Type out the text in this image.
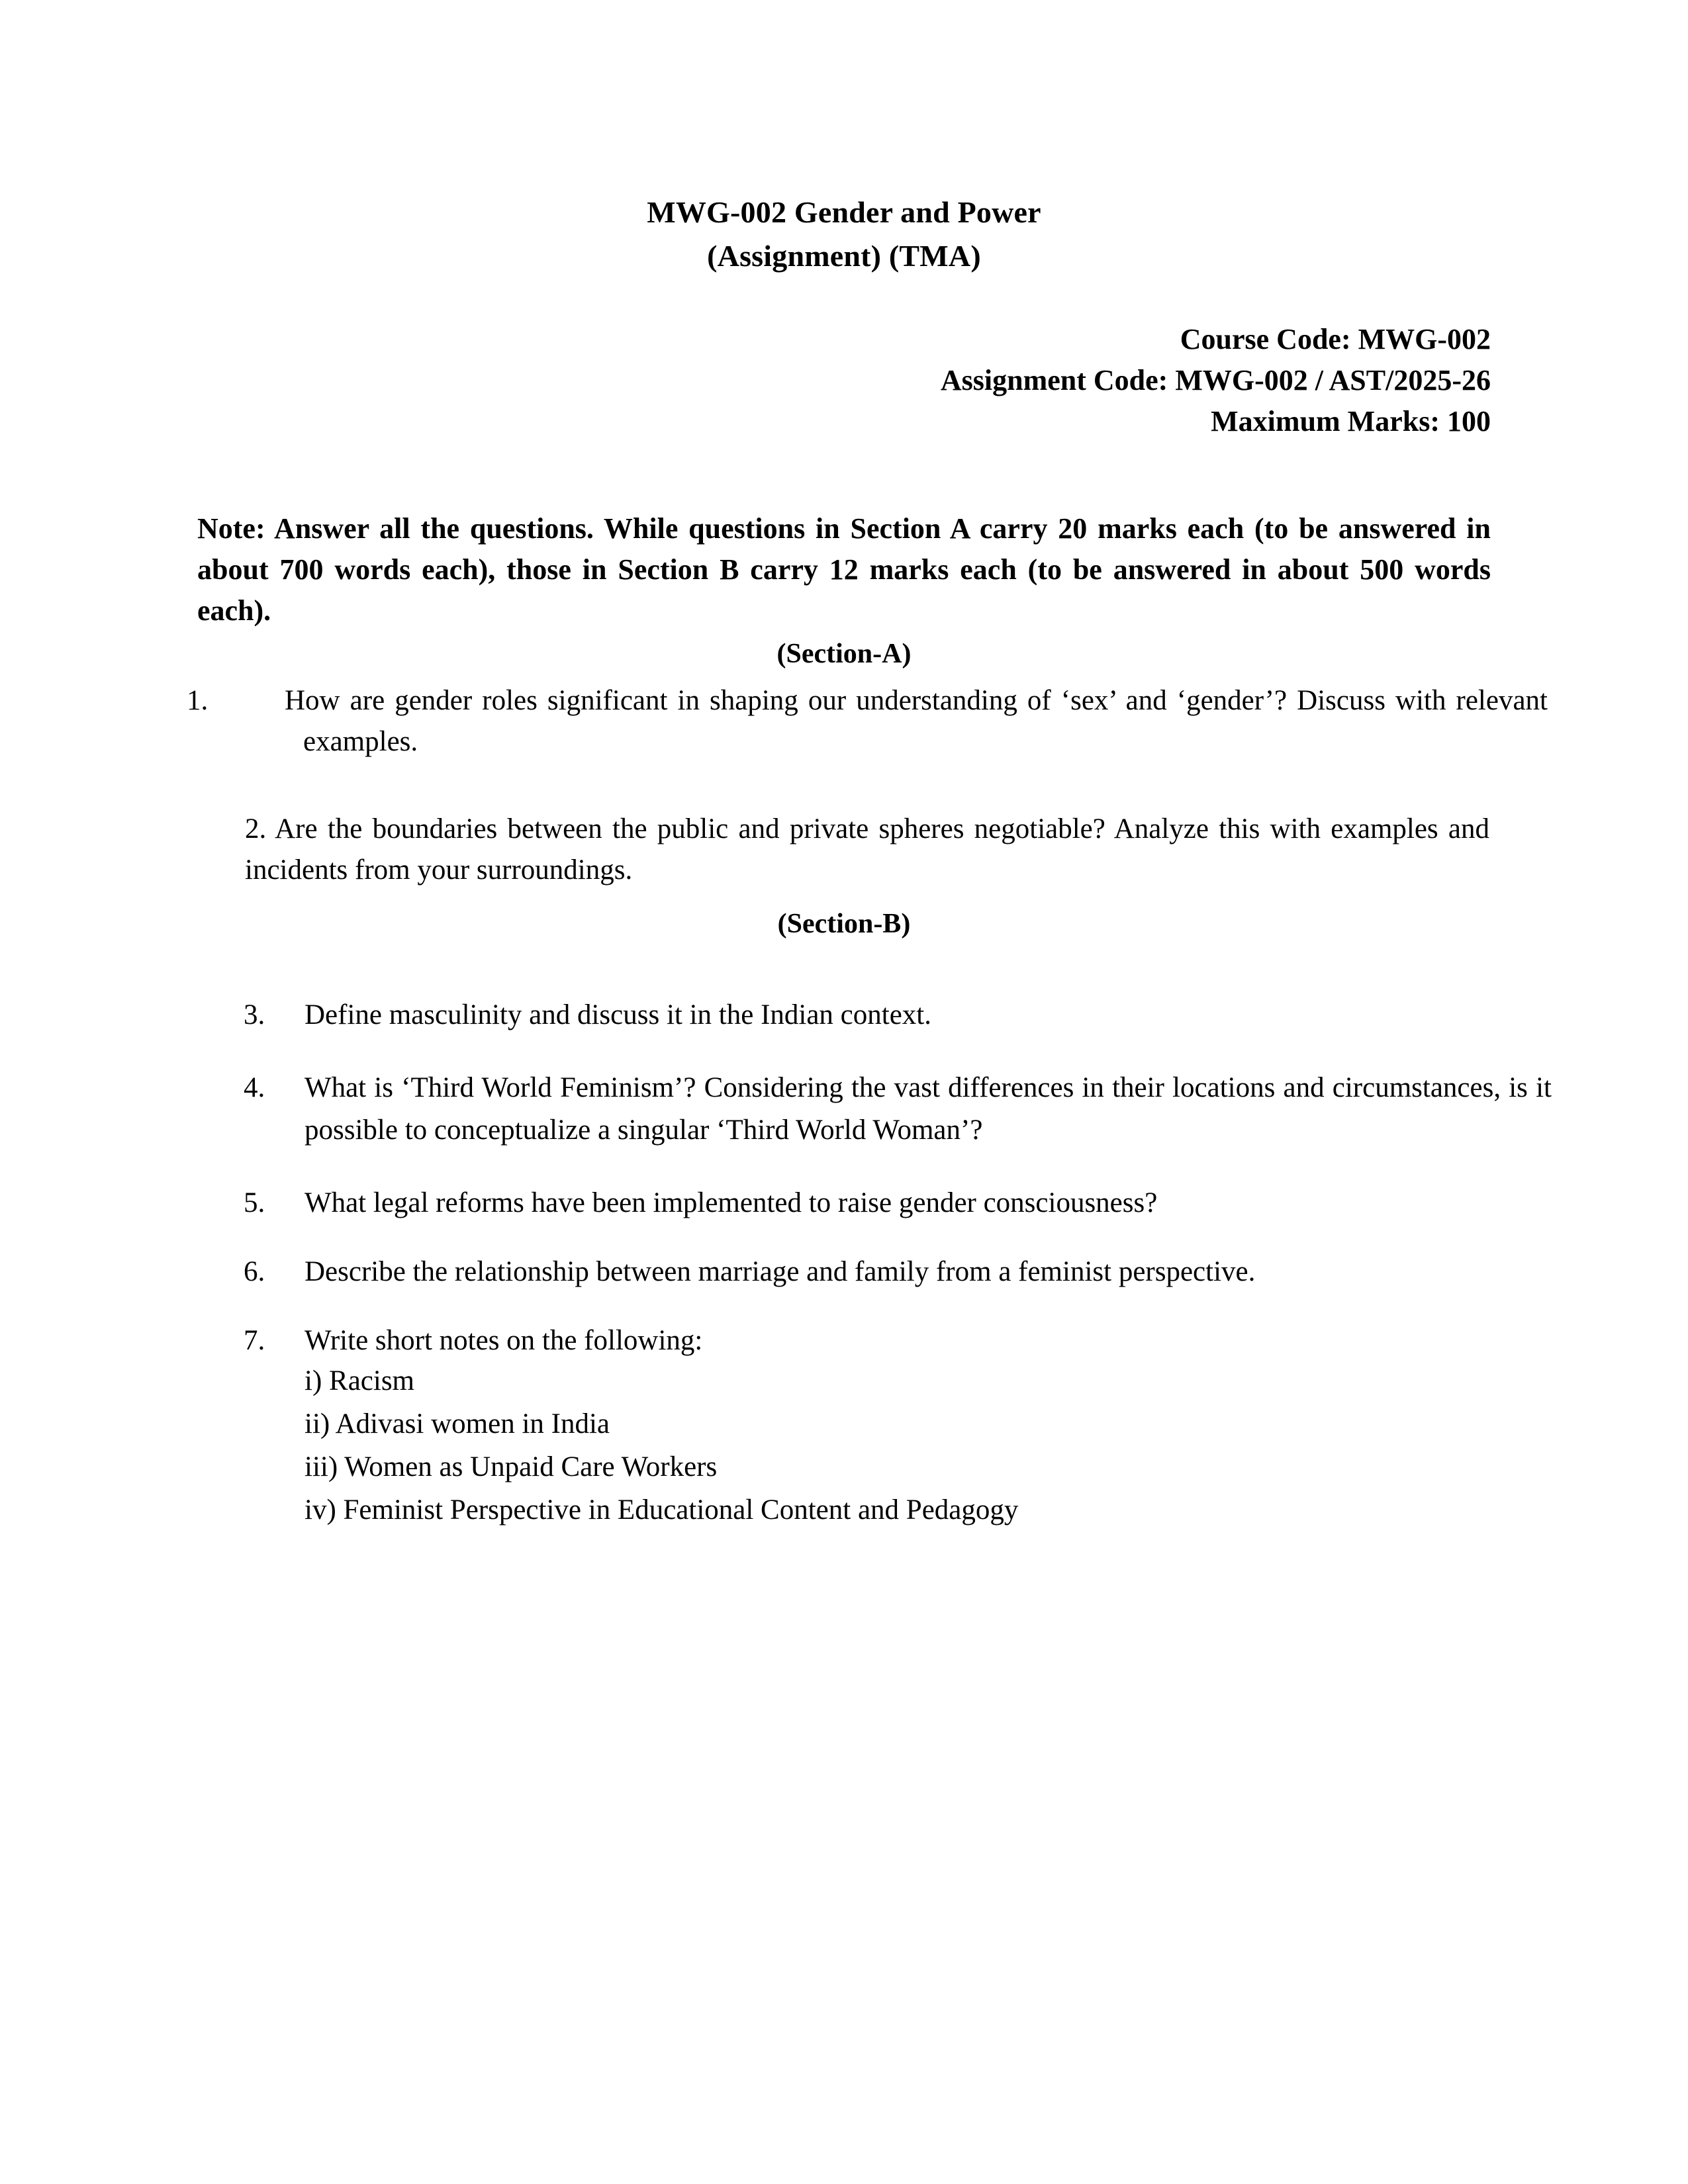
MWG-002 Gender and Power
(Assignment) (TMA)
Course Code: MWG-002
Assignment Code: MWG-002 / AST/2025-26
Maximum Marks: 100
Note: Answer all the questions. While questions in Section A carry 20 marks each (to be answered in about 700 words each), those in Section B carry 12 marks each (to be answered in about 500 words each).
(Section-A)
1.	How are gender roles significant in shaping our understanding of ‘sex’ and ‘gender’? Discuss with relevant examples.
2. Are the boundaries between the public and private spheres negotiable? Analyze this with examples and incidents from your surroundings.
(Section-B)
3. Define masculinity and discuss it in the Indian context.
4. What is ‘Third World Feminism’? Considering the vast differences in their locations and circumstances, is it possible to conceptualize a singular ‘Third World Woman’?
5. What legal reforms have been implemented to raise gender consciousness?
6. Describe the relationship between marriage and family from a feminist perspective.
7. Write short notes on the following:
i) Racism
ii) Adivasi women in India
iii) Women as Unpaid Care Workers
iv) Feminist Perspective in Educational Content and Pedagogy
